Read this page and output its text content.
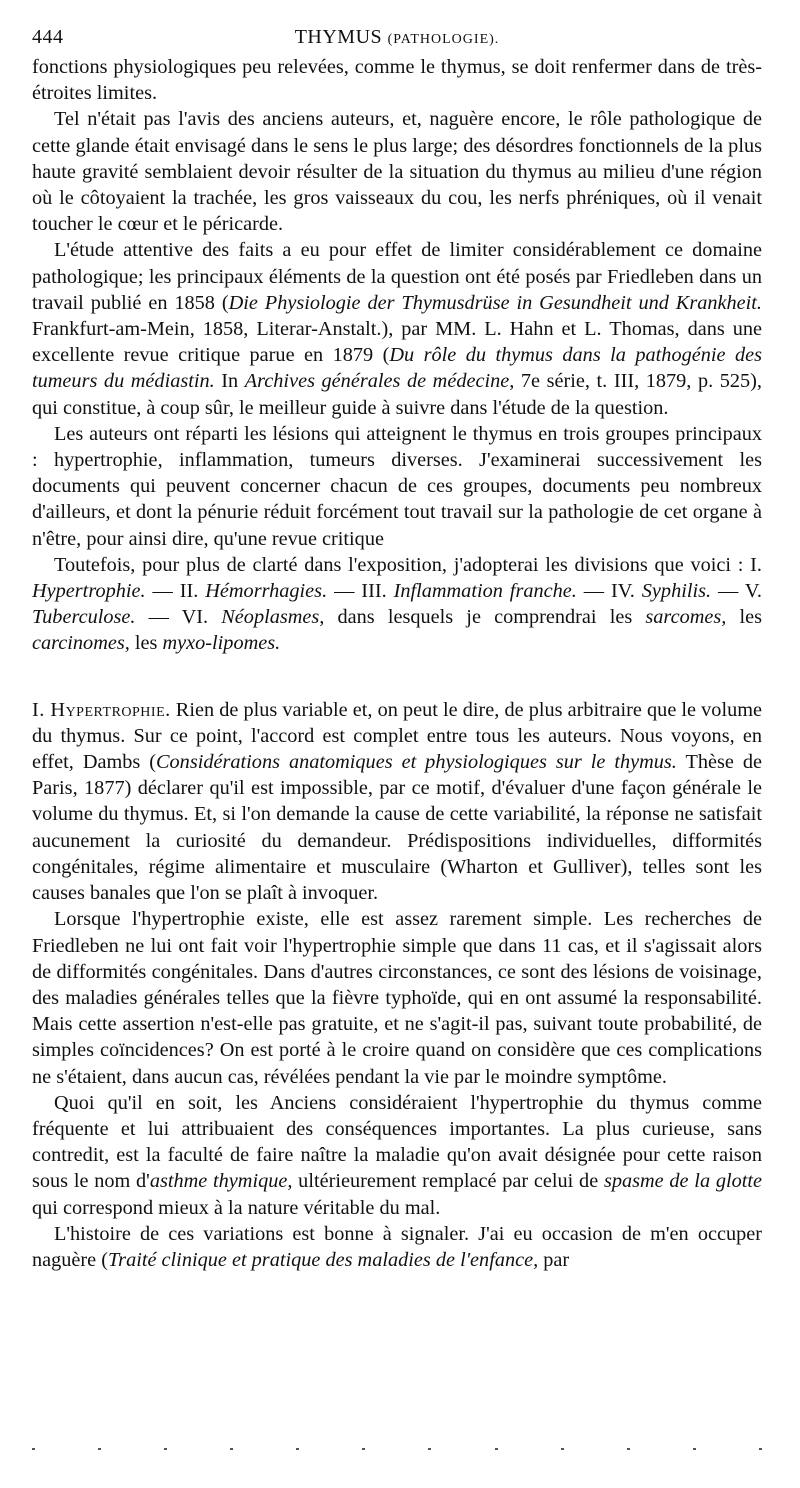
444	THYMUS (PATHOLOGIE).

fonctions physiologiques peu relevées, comme le thymus, se doit renfermer dans de très-étroites limites.

Tel n'était pas l'avis des anciens auteurs, et, naguère encore, le rôle pathologique de cette glande était envisagé dans le sens le plus large; des désordres fonctionnels de la plus haute gravité semblaient devoir résulter de la situation du thymus au milieu d'une région où le côtoyaient la trachée, les gros vaisseaux du cou, les nerfs phréniques, où il venait toucher le cœur et le péricarde.

L'étude attentive des faits a eu pour effet de limiter considérablement ce domaine pathologique; les principaux éléments de la question ont été posés par Friedleben dans un travail publié en 1858 (Die Physiologie der Thymusdrüse in Gesundheit und Krankheit. Frankfurt-am-Mein, 1858, Literar-Anstalt.), par MM. L. Hahn et L. Thomas, dans une excellente revue critique parue en 1879 (Du rôle du thymus dans la pathogénie des tumeurs du médiastin. In Archives générales de médecine, 7e série, t. III, 1879, p. 525), qui constitue, à coup sûr, le meilleur guide à suivre dans l'étude de la question.

Les auteurs ont réparti les lésions qui atteignent le thymus en trois groupes principaux : hypertrophie, inflammation, tumeurs diverses. J'examinerai successivement les documents qui peuvent concerner chacun de ces groupes, documents peu nombreux d'ailleurs, et dont la pénurie réduit forcément tout travail sur la pathologie de cet organe à n'être, pour ainsi dire, qu'une revue critique

Toutefois, pour plus de clarté dans l'exposition, j'adopterai les divisions que voici : I. Hypertrophie. — II. Hémorrhagies. — III. Inflammation franche. — IV. Syphilis. — V. Tuberculose. — VI. Néoplasmes, dans lesquels je comprendrai les sarcomes, les carcinomes, les myxo-lipomes.

I. Hypertrophie. Rien de plus variable et, on peut le dire, de plus arbitraire que le volume du thymus. Sur ce point, l'accord est complet entre tous les auteurs. Nous voyons, en effet, Dambs (Considérations anatomiques et physiologiques sur le thymus. Thèse de Paris, 1877) déclarer qu'il est impossible, par ce motif, d'évaluer d'une façon générale le volume du thymus. Et, si l'on demande la cause de cette variabilité, la réponse ne satisfait aucunement la curiosité du demandeur. Prédispositions individuelles, difformités congénitales, régime alimentaire et musculaire (Wharton et Gulliver), telles sont les causes banales que l'on se plaît à invoquer.

Lorsque l'hypertrophie existe, elle est assez rarement simple. Les recherches de Friedleben ne lui ont fait voir l'hypertrophie simple que dans 11 cas, et il s'agissait alors de difformités congénitales. Dans d'autres circonstances, ce sont des lésions de voisinage, des maladies générales telles que la fièvre typhoïde, qui en ont assumé la responsabilité. Mais cette assertion n'est-elle pas gratuite, et ne s'agit-il pas, suivant toute probabilité, de simples coïncidences? On est porté à le croire quand on considère que ces complications ne s'étaient, dans aucun cas, révélées pendant la vie par le moindre symptôme.

Quoi qu'il en soit, les Anciens considéraient l'hypertrophie du thymus comme fréquente et lui attribuaient des conséquences importantes. La plus curieuse, sans contredit, est la faculté de faire naître la maladie qu'on avait désignée pour cette raison sous le nom d'asthme thymique, ultérieurement remplacé par celui de spasme de la glotte qui correspond mieux à la nature véritable du mal.

L'histoire de ces variations est bonne à signaler. J'ai eu occasion de m'en occuper naguère (Traité clinique et pratique des maladies de l'enfance, par
